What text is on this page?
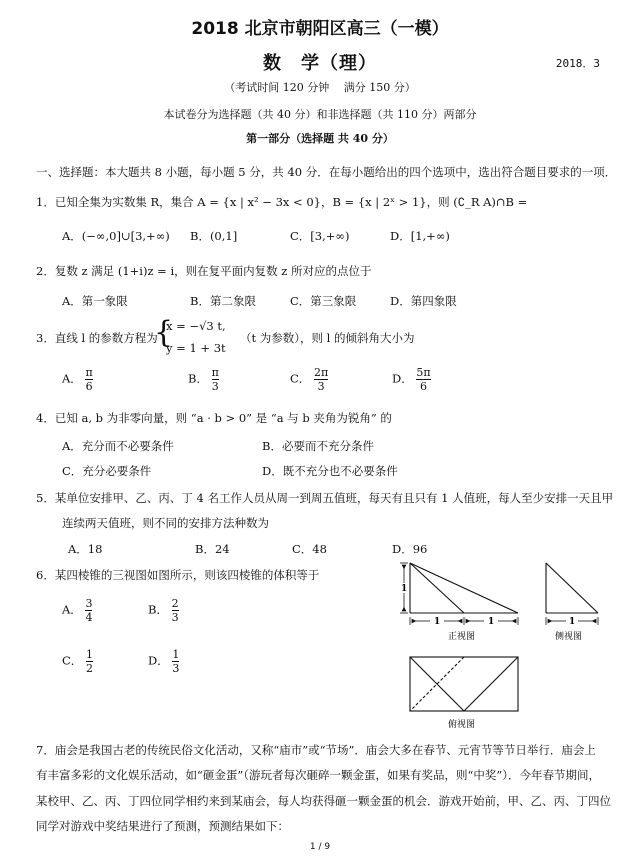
2018 北京市朝阳区高三（一模）
数　学（理）	2018．3
（考试时间 120 分钟　 满分 150 分）
本试卷分为选择题（共 40 分）和非选择题（共 110 分）两部分
第一部分（选择题 共 40 分）
一、选择题：本大题共 8 小题，每小题 5 分，共 40 分．在每小题给出的四个选项中，选出符合题目要求的一项．
1．已知全集为实数集 R，集合 A = {x | x² − 3x < 0}，B = {x | 2ˣ > 1}，则 (∁_R A)∩B =
A．(−∞,0]∪[3,+∞) B．(0,1]	C．[3,+∞)	D．[1,+∞)
2．复数 z 满足 (1+i)z = i，则在复平面内复数 z 所对应的点位于
A．第一象限	B．第二象限	C．第三象限	D．第四象限
3．直线 l 的参数方程为
{
x = −√3 t,
y = 1 + 3t
（t 为参数），则 l 的倾斜角大小为
A． $\frac{\pi}{6}$	B． $\frac{\pi}{3}$	C． $\frac{2\pi}{3}$	D． $\frac{5\pi}{6}$
4．已知 a, b 为非零向量，则 “a · b > 0” 是 “a 与 b 夹角为锐角” 的
A．充分而不必要条件	B．必要而不充分条件
C．充分必要条件	D．既不充分也不必要条件
5．某单位安排甲、乙、丙、丁 4 名工作人员从周一到周五值班，每天有且只有 1 人值班，每人至少安排一天且甲
连续两天值班，则不同的安排方法种数为
A．18	B．24	C．48	D．96
6．某四棱锥的三视图如图所示，则该四棱锥的体积等于
A． $\frac{3}{4}$	B． $\frac{2}{3}$
C． $\frac{1}{2}$	D． $\frac{1}{3}$
1
1	1
正视图
1
侧视图
俯视图
7．庙会是我国古老的传统民俗文化活动，又称“庙市”或“节场”．庙会大多在春节、元宵节等节日举行．庙会上
有丰富多彩的文化娱乐活动，如“砸金蛋”（游玩者每次砸碎一颗金蛋，如果有奖品，则“中奖”）．今年春节期间，
某校甲、乙、丙、丁四位同学相约来到某庙会，每人均获得砸一颗金蛋的机会．游戏开始前，甲、乙、丙、丁四位
同学对游戏中奖结果进行了预测，预测结果如下：
1 / 9
